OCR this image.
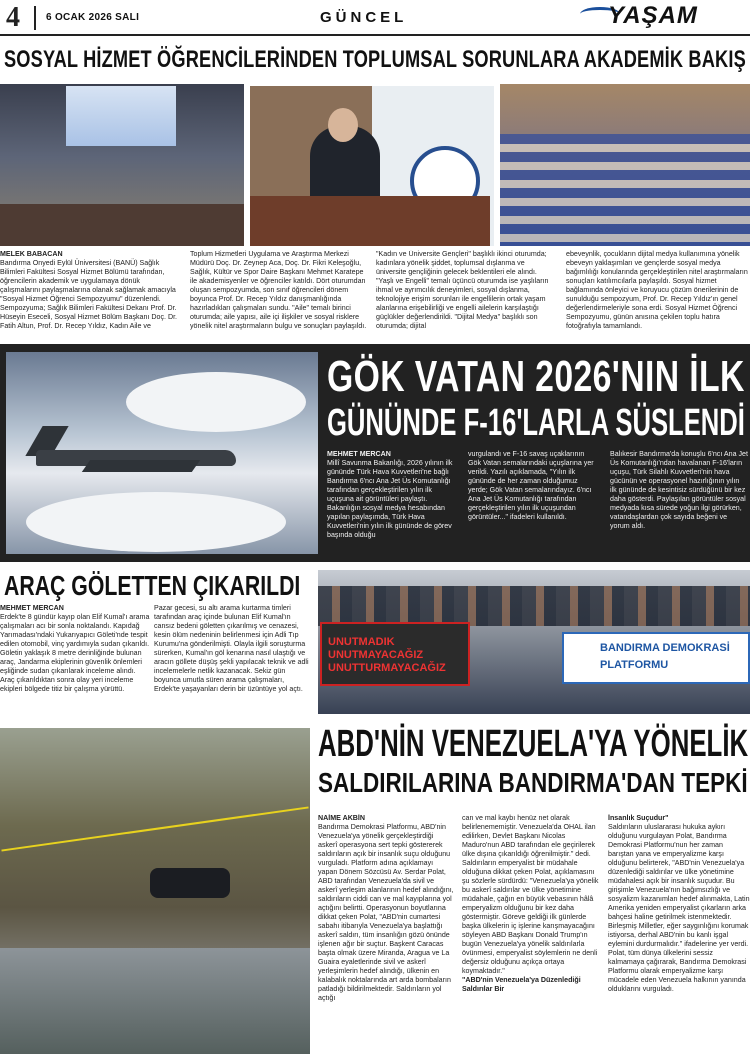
4	6 OCAK 2026 SALI	GÜNCEL	YAŞAM
SOSYAL HİZMET ÖĞRENCİLERİNDEN TOPLUMSAL SORUNLARA AKADEMİK BAKIŞ
MELEK BABACAN

Bandırma Onyedi Eylül Üniversitesi (BANÜ) Sağlık Bilimleri Fakültesi Sosyal Hizmet Bölümü tarafından, öğrencilerin akademik ve uygulamaya dönük çalışmalarını paylaşmalarına olanak sağlamak amacıyla "Sosyal Hizmet Öğrenci Sempozyumu" düzenlendi. Sempozyuma; Sağlık Bilimleri Fakültesi Dekanı Prof. Dr. Hüseyin Eseceli, Sosyal Hizmet Bölüm Başkanı Doç. Dr. Fatih Altun, Prof. Dr. Recep Yıldız, Kadın Aile ve

Toplum Hizmetleri Uygulama ve Araştırma Merkezi Müdürü Doç. Dr. Zeynep Aca, Doç. Dr. Fikri Keleşoğlu, Sağlık, Kültür ve Spor Daire Başkanı Mehmet Karatepe ile akademisyenler ve öğrenciler katıldı. Dört oturumdan oluşan sempozyumda, son sınıf öğrencileri dönem boyunca Prof. Dr. Recep Yıldız danışmanlığında hazırladıkları çalışmaları sundu. "Aile" temalı birinci oturumda; aile yapısı, aile içi ilişkiler ve sosyal risklere yönelik nitel araştırmaların bulgu ve sonuçları paylaşıldı.

"Kadın ve Üniversite Gençleri" başlıklı ikinci oturumda; kadınlara yönelik şiddet, toplumsal dışlanma ve üniversite gençliğinin gelecek beklentileri ele alındı. "Yaşlı ve Engelli" temalı üçüncü oturumda ise yaşlıların ihmal ve ayrımcılık deneyimleri, sosyal dışlanma, teknolojiye erişim sorunları ile engellilerin ortak yaşam alanlarına erişebilirliği ve engelli ailelerin karşılaştığı güçlükler değerlendirildi. "Dijital Medya" başlıklı son oturumda; dijital

ebeveynlik, çocukların dijital medya kullanımına yönelik ebeveyn yaklaşımları ve gençlerde sosyal medya bağımlılığı konularında gerçekleştirilen nitel araştırmaların sonuçları katılımcılarla paylaşıldı. Sosyal hizmet bağlamında önleyici ve koruyucu çözüm önerilerinin de sunulduğu sempozyum, Prof. Dr. Recep Yıldız'ın genel değerlendirmeleriyle sona erdi. Sosyal Hizmet Öğrenci Sempozyumu, günün anısına çekilen toplu hatıra fotoğrafıyla tamamlandı.

GÖK VATAN 2026'NIN İLK
GÜNÜNDE F-16'LARLA SÜSLENDİ
MEHMET MERCAN

Millî Savunma Bakanlığı, 2026 yılının ilk gününde Türk Hava Kuvvetleri'ne bağlı Bandırma 6'ncı Ana Jet Üs Komutanlığı tarafından gerçekleştirilen yılın ilk uçuşuna ait görüntüleri paylaştı. Bakanlığın sosyal medya hesabından yapılan paylaşımda, Türk Hava Kuvvetleri'nin yılın ilk gününde de görev başında olduğu

vurgulandı ve F-16 savaş uçaklarının Gök Vatan semalarındaki uçuşlarına yer verildi. Yazılı açıklamada, "Yılın ilk gününde de her zaman olduğumuz yerde; Gök Vatan semalarındayız. 6'ncı Ana Jet Üs Komutanlığı tarafından gerçekleştirilen yılın ilk uçuşundan görüntüler..." ifadeleri kullanıldı.

Balıkesir Bandırma'da konuşlu 6'ncı Ana Jet Üs Komutanlığı'ndan havalanan F-16'ların uçuşu, Türk Silahlı Kuvvetleri'nin hava gücünün ve operasyonel hazırlığının yılın ilk gününde de kesintisiz sürdüğünü bir kez daha gösterdi. Paylaşılan görüntüler sosyal medyada kısa sürede yoğun ilgi görürken, vatandaşlardan çok sayıda beğeni ve yorum aldı.

ARAÇ GÖLETTEN ÇIKARILDI
MEHMET MERCAN

Erdek'te 8 gündür kayıp olan Elif Kumal'ı arama çalışmaları acı bir sonla noktalandı. Kapıdağ Yarımadası'ndaki Yukarıyapıcı Göleti'nde tespit edilen otomobil, vinç yardımıyla sudan çıkarıldı. Göletin yaklaşık 8 metre derinliğinde bulunan araç, Jandarma ekiplerinin güvenlik önlemleri eşliğinde sudan çıkarılarak inceleme alındı. Araç çıkarıldıktan sonra olay yeri inceleme ekipleri bölgede titiz bir çalışma yürüttü.

Pazar gecesi, su altı arama kurtarma timleri tarafından araç içinde bulunan Elif Kumal'ın cansız bedeni göletten çıkarılmış ve cenazesi, kesin ölüm nedeninin belirlenmesi için Adli Tıp Kurumu'na gönderilmişti. Olayla ilgili soruşturma sürerken, Kumal'ın göl kenarına nasıl ulaştığı ve aracın göllete düşüş şekli yapılacak teknik ve adli incelemelerle netlik kazanacak. Sekiz gün boyunca umutla süren arama çalışmaları, Erdek'te yaşayanları derin bir üzüntüye yol açtı.

UNUTMADIK UNUTMAYACAĞIZ UNUTTURMAYACAĞIZ
BANDIRMA DEMOKRASİ PLATFORMU
ABD'NİN VENEZUELA'YA YÖNELİK
SALDIRILARINA BANDIRMA'DAN TEPKİ
NAİME AKBİN

Bandırma Demokrasi Platformu, ABD'nin Venezuela'ya yönelik gerçekleştirdiği askerî operasyona sert tepki göstererek saldırıların açık bir insanlık suçu olduğunu vurguladı. Platform adına açıklamayı yapan Dönem Sözcüsü Av. Serdar Polat, ABD tarafından Venezuela'da sivil ve askerî yerleşim alanlarının hedef alındığını, saldırıların ciddi can ve mal kayıplarına yol açtığını belirtti. Operasyonun boyutlarına dikkat çeken Polat, "ABD'nin cumartesi sabahı itibarıyla Venezuela'ya başlattığı askerî saldırı, tüm insanlığın gözü önünde işlenen ağır bir suçtur. Başkent Caracas başta olmak üzere Miranda, Aragua ve La Guaira eyaletlerinde sivil ve askerî yerleşimlerin hedef alındığı, ülkenin en kalabalık noktalarında art arda bombaların patladığı bildirilmektedir. Saldırıların yol açtığı

can ve mal kaybı henüz net olarak belirlenememiştir. Venezuela'da OHAL ilan edilirken, Devlet Başkanı Nicolas Maduro'nun ABD tarafından ele geçirilerek ülke dışına çıkarıldığı öğrenilmiştir." dedi. Saldırıların emperyalist bir müdahale olduğuna dikkat çeken Polat, açıklamasını şu sözlerle sürdürdü: "Venezuela'ya yönelik bu askerî saldırılar ve ülke yönetimine müdahale, çağın en büyük vebasının hâlâ emperyalizm olduğunu bir kez daha göstermiştir. Göreve geldiği ilk günlerde başka ülkelerin iç işlerine karışmayacağını söyleyen ABD Başkanı Donald Trump'ın bugün Venezuela'ya yönelik saldırılarla övünmesi, emperyalist söylemlerin ne denli değersiz olduğunu açıkça ortaya koymaktadır."

"ABD'nin Venezuela'ya Düzenlediği Saldırılar Bir

İnsanlık Suçudur"

Saldırıların uluslararası hukuka aykırı olduğunu vurgulayan Polat, Bandırma Demokrasi Platformu'nun her zaman barıştan yana ve emperyalizme karşı olduğunu belirterek, "ABD'nin Venezuela'ya düzenlediği saldırılar ve ülke yönetimine müdahalesi açık bir insanlık suçudur. Bu girişimle Venezuela'nın bağımsızlığı ve sosyalizm kazanımları hedef alınmakta, Latin Amerika yeniden emperyalist çıkarların arka bahçesi haline getirilmek istenmektedir. Birleşmiş Milletler, eğer saygınlığını korumak istiyorsa, derhal ABD'nin bu kanlı işgal eylemini durdurmalıdır." ifadelerine yer verdi. Polat, tüm dünya ülkelerini sessiz kalmamaya çağırarak, Bandırma Demokrasi Platformu olarak emperyalizme karşı mücadele eden Venezuela halkının yanında olduklarını vurguladı.
